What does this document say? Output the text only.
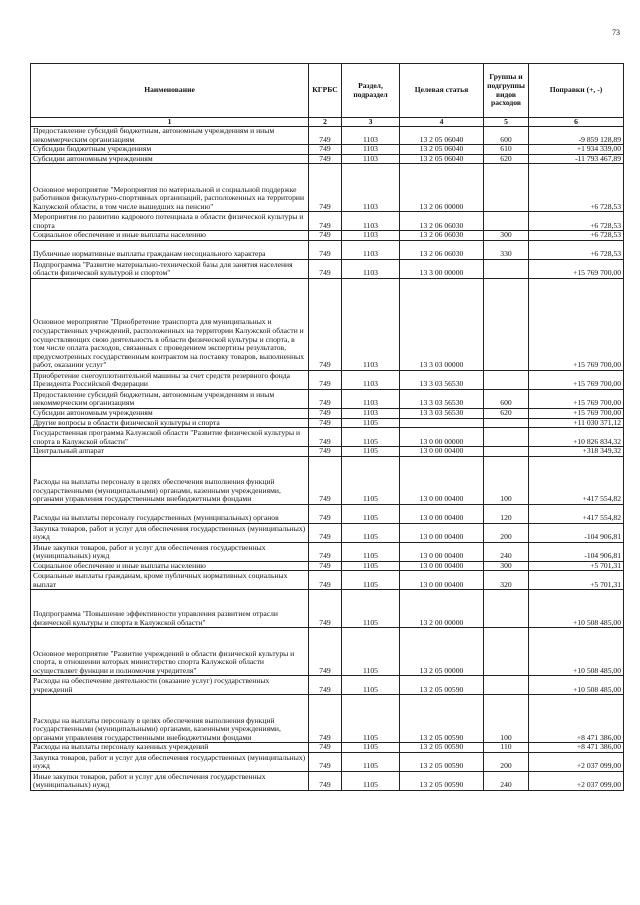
73
Наименование	КГРБС	Раздел, подраздел	Целевая статья	Группы и подгруппы видов расходов	Поправки (+, -)
1	2	3	4	5	6
Предоставление субсидий бюджетным, автономным учреждениям и иным некоммерческим организациям	749	1103	13 2 05 06040	600	-9 859 128,89
Субсидии бюджетным учреждениям	749	1103	13 2 05 06040	610	+1 934 339,00
Субсидии автономным учреждениям	749	1103	13 2 05 06040	620	-11 793 467,89
Основное мероприятие "Мероприятия по материальной и социальной поддержке работников физкультурно-спортивных организаций, расположенных на территории Калужской области, в том числе вышедших на пенсию"	749	1103	13 2 06 00000		+6 728,53
Мероприятия по развитию кадрового потенциала в области физической культуры и спорта	749	1103	13 2 06 06030		+6 728,53
Социальное обеспечение и иные выплаты населению	749	1103	13 2 06 06030	300	+6 728,53
Публичные нормативные выплаты гражданам несоциального характера	749	1103	13 2 06 06030	330	+6 728,53
Подпрограмма "Развитие материально-технической базы для занятия населения области физической культурой и спортом"	749	1103	13 3 00 00000		+15 769 700,00
Основное мероприятие "Приобретение транспорта для муниципальных и государственных учреждений, расположенных на территории Калужской области и осуществляющих свою деятельность в области физической культуры и спорта, в том числе оплата расходов, связанных с проведением экспертизы результатов, предусмотренных государственным контрактом на поставку товаров, выполненных работ, оказании услуг"	749	1103	13 3 03 00000		+15 769 700,00
Приобретение снегоуплотнительной машины за счет средств резервного фонда Президента Российской Федерации	749	1103	13 3 03 56530		+15 769 700,00
Предоставление субсидий бюджетным, автономным учреждениям и иным некоммерческим организациям	749	1103	13 3 03 56530	600	+15 769 700,00
Субсидии автономным учреждениям	749	1103	13 3 03 56530	620	+15 769 700,00
Другие вопросы в области физической культуры и спорта	749	1105			+11 030 371,12
Государственная программа Калужской области "Развитие физической культуры и спорта в Калужской области"	749	1105	13 0 00 00000		+10 826 834,32
Центральный аппарат	749	1105	13 0 00 00400		+318 349,32
Расходы на выплаты персоналу в целях обеспечения выполнения функций государственными (муниципальными) органами, казенными учреждениями, органами управления государственными внебюджетными фондами	749	1105	13 0 00 00400	100	+417 554,82
Расходы на выплаты персоналу государственных (муниципальных) органов	749	1105	13 0 00 00400	120	+417 554,82
Закупка товаров, работ и услуг для обеспечения государственных (муниципальных) нужд	749	1105	13 0 00 00400	200	-104 906,81
Иные закупки товаров, работ и услуг для обеспечения государственных (муниципальных) нужд	749	1105	13 0 00 00400	240	-104 906,81
Социальное обеспечение и иные выплаты населению	749	1105	13 0 00 00400	300	+5 701,31
Социальные выплаты гражданам, кроме публичных нормативных социальных выплат	749	1105	13 0 00 00400	320	+5 701,31
Подпрограмма "Повышение эффективности управления развитием отрасли физической культуры и спорта в Калужской области"	749	1105	13 2 00 00000		+10 508 485,00
Основное мероприятие "Развитие учреждений в области физической культуры и спорта, в отношении которых министерство спорта Калужской области осуществляет функции и полномочия учредителя"	749	1105	13 2 05 00000		+10 508 485,00
Расходы на обеспечение деятельности (оказание услуг) государственных учреждений	749	1105	13 2 05 00590		+10 508 485,00
Расходы на выплаты персоналу в целях обеспечения выполнения функций государственными (муниципальными) органами, казенными учреждениями, органами управления государственными внебюджетными фондами	749	1105	13 2 05 00590	100	+8 471 386,00
Расходы на выплаты персоналу казенных учреждений	749	1105	13 2 05 00590	110	+8 471 386,00
Закупка товаров, работ и услуг для обеспечения государственных (муниципальных) нужд	749	1105	13 2 05 00590	200	+2 037 099,00
Иные закупки товаров, работ и услуг для обеспечения государственных (муниципальных) нужд	749	1105	13 2 05 00590	240	+2 037 099,00
